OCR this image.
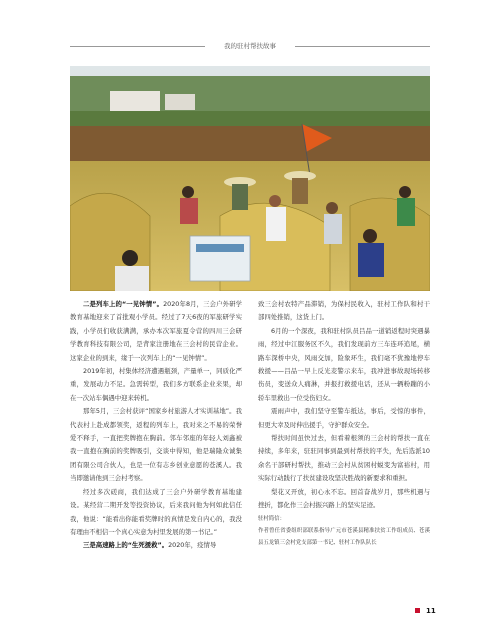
我的驻村帮扶故事

二是列车上的“一见钟情”。2020年8月，三会户外研学教育基地迎来了首批观小学员。经过了7天6夜的军旅研学实践，小学员们收获满满，承办本次军旅夏令营的四川三会研学教育科技有限公司，是背家注册地在三会村的民营企业。这家企业的到来，缘于一次列车上的“一见钟情”。

2019年初，村集体经济遭遇瓶颈，产量单一，同质化严重，发展动力不足。急需转型，我们多方联系企业来果，却在一次站车偶遇中迎来转机。

那年5月，三会村获评“国家乡村旅游人才实训基地”。我代表村上赴成都领奖，返程的列车上，我对来之不易的荣誉爱不释手，一直把奖牌抱在胸前。邻车邻座的年轻人刘鑫被我一直抱在胸前的奖牌吸引，交谈中得知，他是瑞隆众诚集团有限公司合伙人，也是一位有志乡创业意愿的苍溪人。我当即邀请他到三会村考察。

经过多次磋商，我们达成了三会户外研学教育基地建设。某经营二期开发等投资协议，后来我问他为何如此信任我，他说：“能看出你能看奖牌时的真情是发自内心的，我没有理由不相信一个真心实意为村里发展的第一书记。”

三是高速路上的“生死援救”。2020年，疫情导

致三会村农特产品滞销，为保村民收入，驻村工作队和村干部四处推销，这货上门。

6月的一个深夜，我和驻村队员吕品一道销返程时突遇暴雨，经过中江服务区不久，我们发现前方三车连环追尾，横路车深桥中央，风雨交加，险象环生，我们毫不犹豫地停车救援——吕品一早上反光麦警示来车，我冲进事故现场转移伤员，变送众人痛淋，并报打救援电话，还从一辆粉蹦的小轿车里救出一位受伤妇女。

震雨声中，我们坚守至警车抵达，事后，受惊的事件，但更大幸及时伸出援手，守护群众安全。

帮扶时间虽快过去，但看着根须的三会村的帮扶一直在持续，多年来，驻驻同事到最到村帮扶的平失，先后选派10余名干部研村帮扶，推动三会村从贫困村蜕变为富裕村，用实际行动践行了扶贫建设攻坚决胜战的新要求和重担。

梨花又开放，初心永不忘。回首奋战岁月，那些机遇与挫折，都化作三会村振兴路上的坚实足迹。

驻村简信：

作者曾任省委组织部联系指导广元市苍溪县精准扶贫工作组成员、苍溪县五龙镇三会村党支部第一书记、驻村工作队队长

11
